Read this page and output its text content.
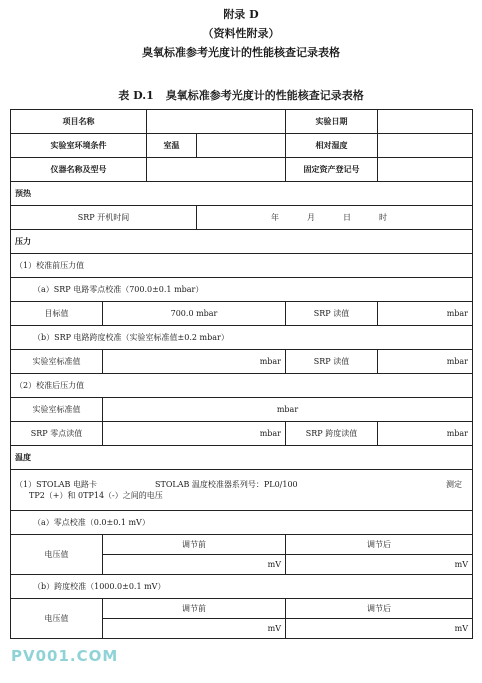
附录 D
（资料性附录）
臭氧标准参考光度计的性能核查记录表格
表 D.1 臭氧标准参考光度计的性能核查记录表格
项目名称				实验日期	
实验室环境条件		室温		相对湿度	
仪器名称及型号				固定资产登记号	
预热					
SRP 开机时间			年 月 日 时		
压力					
（1）校准前压力值					
（a）SRP 电路零点校准（700.0±0.1 mbar）					
目标值	700.0 mbar			SRP 读值	mbar
（b）SRP 电路跨度校准（实验室标准值±0.2 mbar）					
实验室标准值	mbar			SRP 读值	mbar
（2）校准后压力值					
实验室标准值	mbar				
SRP 零点读值	mbar			SRP 跨度读值	mbar
温度					

（1）STOLAB 电路卡 STOLAB 温度校准器系列号：PL0/100 测定
TP2（+）和 0TP14（-）之间的电压					

（a）零点校准（0.0±0.1 mV）					
电压值	调节前			调节后	
	mV			mV	
（b）跨度校准（1000.0±0.1 mV）					
电压值	调节前			调节后	
	mV			mV	
PV001.COM
